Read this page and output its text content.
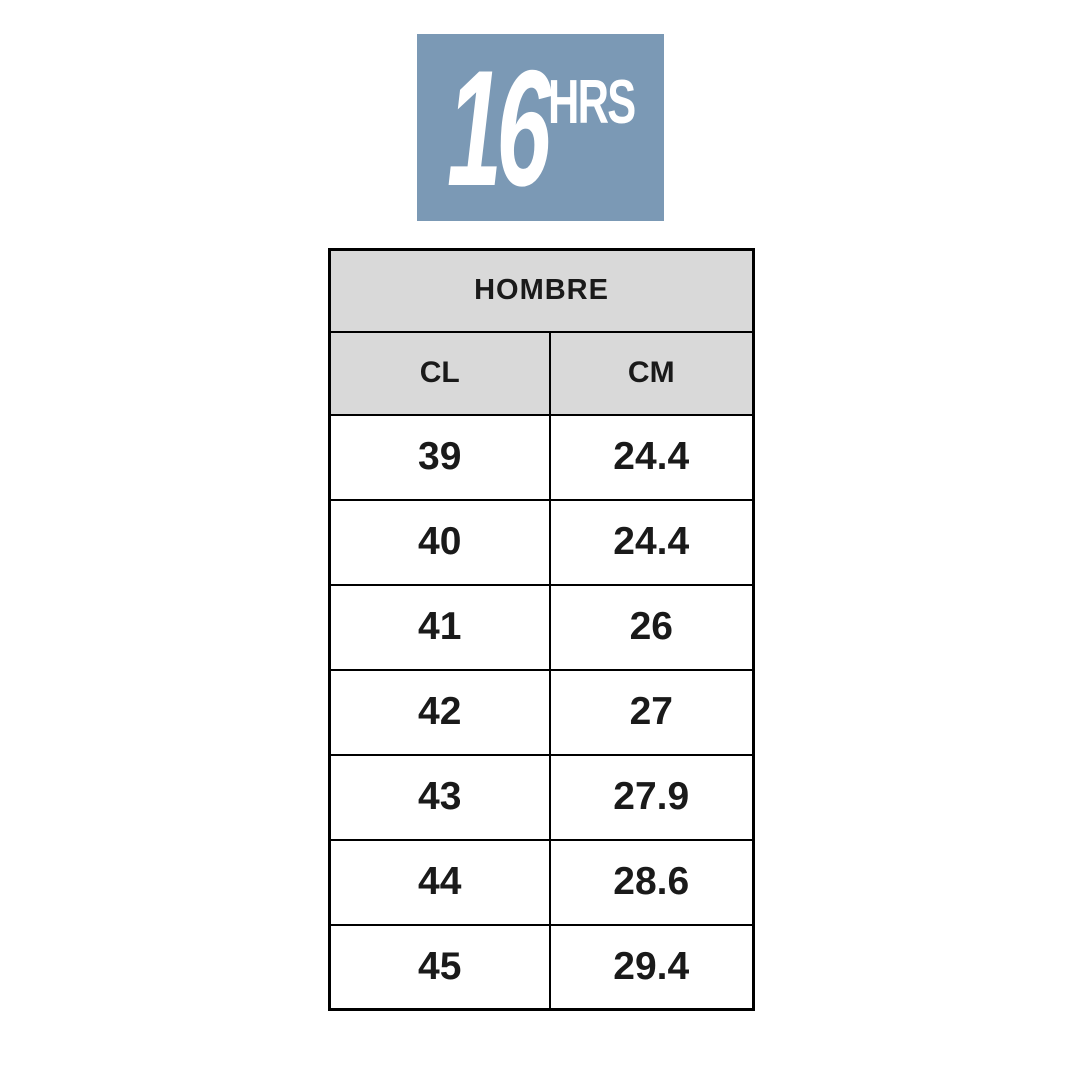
16 HRS
HOMBRE	
CL	CM
39	24.4
40	24.4
41	26
42	27
43	27.9
44	28.6
45	29.4
